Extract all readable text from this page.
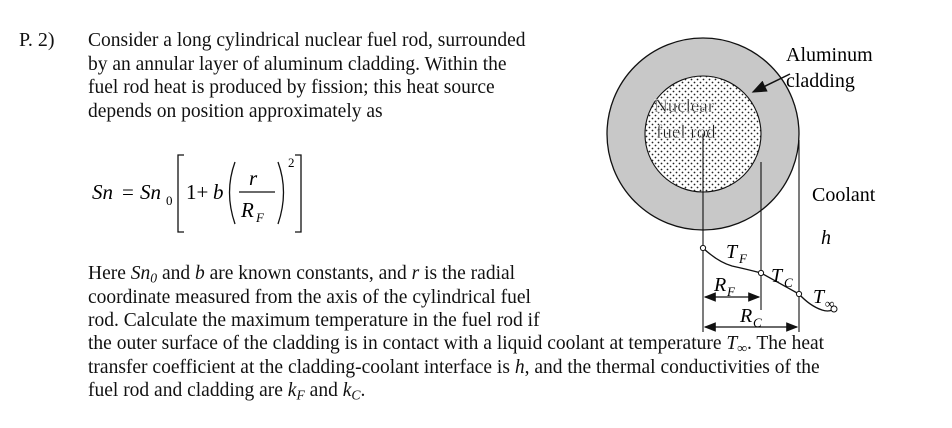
P. 2) Consider a long cylindrical nuclear fuel rod, surrounded
by an annular layer of aluminum cladding. Within the
fuel rod heat is produced by fission; this heat source
depends on position approximately as
Sn = Sn 0 1+ b
r
R F
2
Here $Sn_0$ and b are known constants, and r is the radial
coordinate measured from the axis of the cylindrical fuel
rod. Calculate the maximum temperature in the fuel rod if
the outer surface of the cladding is in contact with a liquid coolant at temperature $T_\infty$. The heat
transfer coefficient at the cladding-coolant interface is h, and the thermal conductivities of the
fuel rod and cladding are $k_F$ and $k_C$.
Nuclear
fuel rod
Aluminum
cladding
Coolant
h
T F
T C
T ∞
R F
R C
